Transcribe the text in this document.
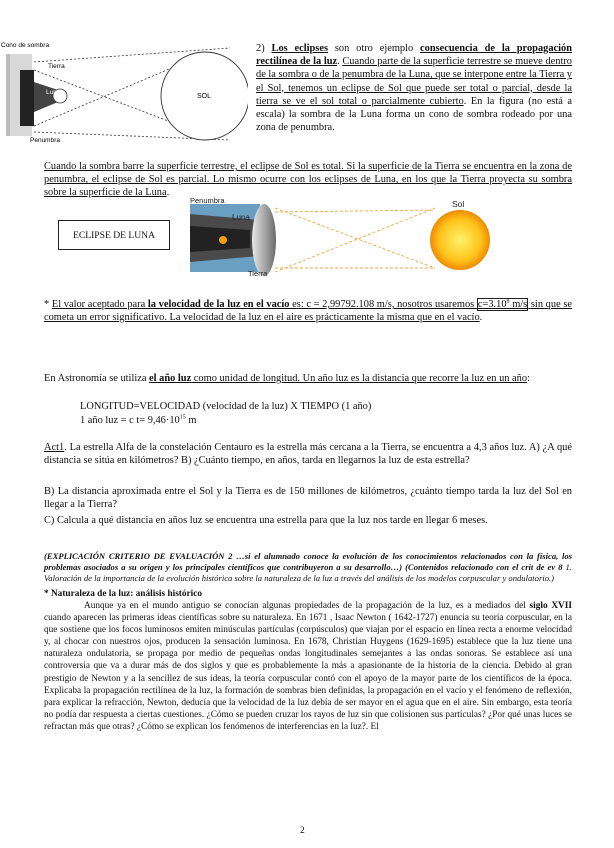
Cono de sombra
Tierra
Luna
SOL
Penumbra
2) Los eclipses son otro ejemplo consecuencia de la propagación rectilínea de la luz. Cuando parte de la superficie terrestre se mueve dentro de la sombra o de la penumbra de la Luna, que se interpone entre la Tierra y el Sol, tenemos un eclipse de Sol que puede ser total o parcial, desde la tierra se ve el sol total o parcialmente cubierto. En la figura (no está a escala) la sombra de la Luna forma un cono de sombra rodeado por una zona de penumbra.
Cuando la sombra barre la superficie terrestre, el eclipse de Sol es total. Si la superficie de la Tierra se encuentra en la zona de penumbra, el eclipse de Sol es parcial. Lo mismo ocurre con los eclipses de Luna, en los que la Tierra proyecta su sombra sobre la superficie de la Luna.
ECLIPSE DE LUNA
Penumbra
Luna
Tierra
Sol
* El valor aceptado para la velocidad de la luz en el vacío es: c = 2,99792.108 m/s, nosotros usaremos $c=3.10^8$ m/s sin que se cometa un error significativo. La velocidad de la luz en el aire es prácticamente la misma que en el vacío.
En Astronomía se utiliza el año luz como unidad de longitud. Un año luz es la distancia que recorre la luz en un año:
LONGITUD=VELOCIDAD (velocidad de la luz) X TIEMPO (1 año)
1 año luz = c $t= 9,46\cdot 10^{15}$ m
Act1. La estrella Alfa de la constelación Centauro es la estrella más cercana a la Tierra, se encuentra a 4,3 años luz. A) ¿A qué distancia se sitúa en kilómetros? B) ¿Cuánto tiempo, en años, tarda en llegarnos la luz de esta estrella?
B) La distancia aproximada entre el Sol y la Tierra es de 150 millones de kilómetros, ¿cuánto tiempo tarda la luz del Sol en llegar a la Tierra?
C) Calcula a qué distancia en años luz se encuentra una estrella para que la luz nos tarde en llegar 6 meses.
(EXPLICACIÓN CRITERIO DE EVALUACIÓN 2 …si el alumnado conoce la evolución de los conocimientos relacionados con la física, los problemas asociados a su origen y los principales científicos que contribuyeron a su desarrollo…) (Contenidos relacionado con el crit de ev 8 1. Valoración de la importancia de la evolución histórica sobre la naturaleza de la luz a través del análisis de los modelos corpuscular y ondulatorio.)
* Naturaleza de la luz: análisis histórico
Aunque ya en el mundo antiguo se conocían algunas propiedades de la propagación de la luz, es a mediados del siglo XVII cuando aparecen las primeras ideas científicas sobre su naturaleza. En 1671 , Isaac Newton ( 1642-1727) enuncia su teoría corpuscular, en la que sostiene que los focos luminosos emiten minúsculas partículas (corpúsculos) que viajan por el espacio en línea recta a enorme velocidad y, al chocar con nuestros ojos, producen la sensación luminosa. En 1678, Christian Huygens (1629-1695) establece que la luz tiene una naturaleza ondulatoria, se propaga por medio de pequeñas ondas longitudinales semejantes a las ondas sonoras. Se establece así una controversia que va a durar más de dos siglos y que es probablemente la más a apasionante de la historia de la ciencia. Debido al gran prestigio de Newton y a la sencillez de sus ideas, la teoría corpuscular contó con el apoyo de la mayor parte de los científicos de la época. Explicaba la propagación rectilínea de la luz, la formación de sombras bien definidas, la propagación en el vacío y el fenómeno de reflexión, para explicar la refracción, Newton, deducía que la velocidad de la luz debía de ser mayor en el agua que en el aire. Sin embargo, esta teoría no podía dar respuesta a ciertas cuestiones. ¿Cómo se pueden cruzar los rayos de luz sin que colisionen sus partículas? ¿Por qué unas luces se refractan más que otras? ¿Cómo se explican los fenómenos de interferencias en la luz?. El
2
